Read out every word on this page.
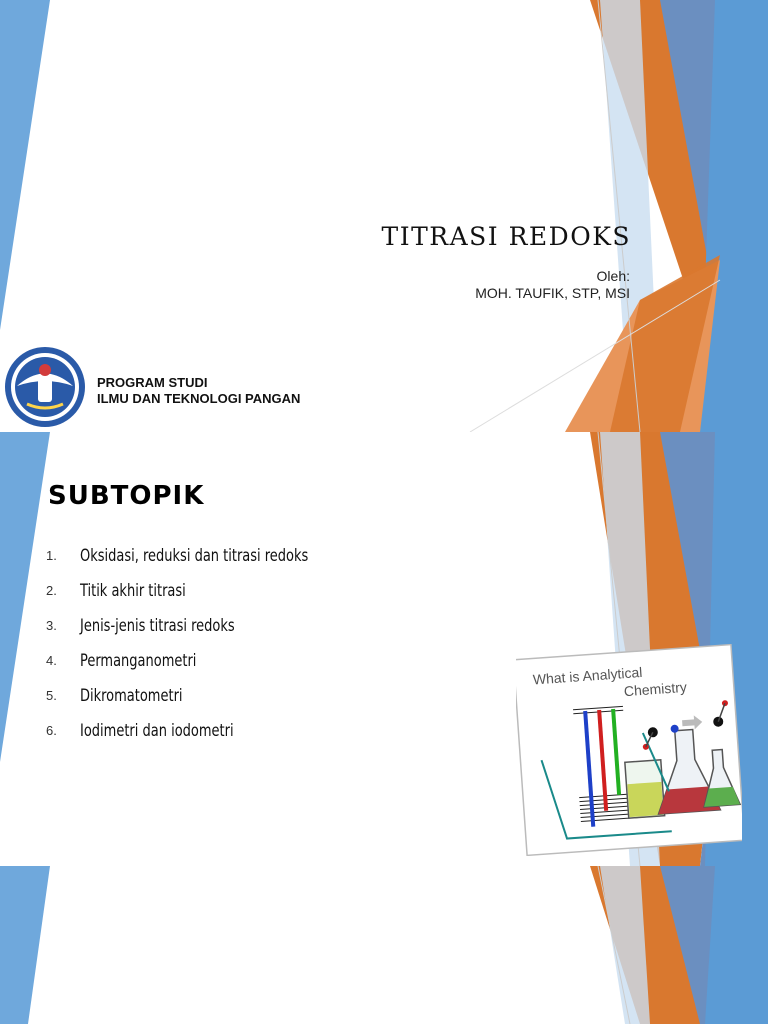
TITRASI REDOKS
Oleh:
MOH. TAUFIK, STP, MSI
PROGRAM STUDI
ILMU DAN TEKNOLOGI PANGAN
SUBTOPIK
1.	Oksidasi, reduksi dan titrasi redoks
2.	Titik akhir titrasi
3.	Jenis-jenis titrasi redoks
4.	Permanganometri
5.	Dikromatometri
6.	Iodimetri dan iodometri
What is Analytical
Chemistry
